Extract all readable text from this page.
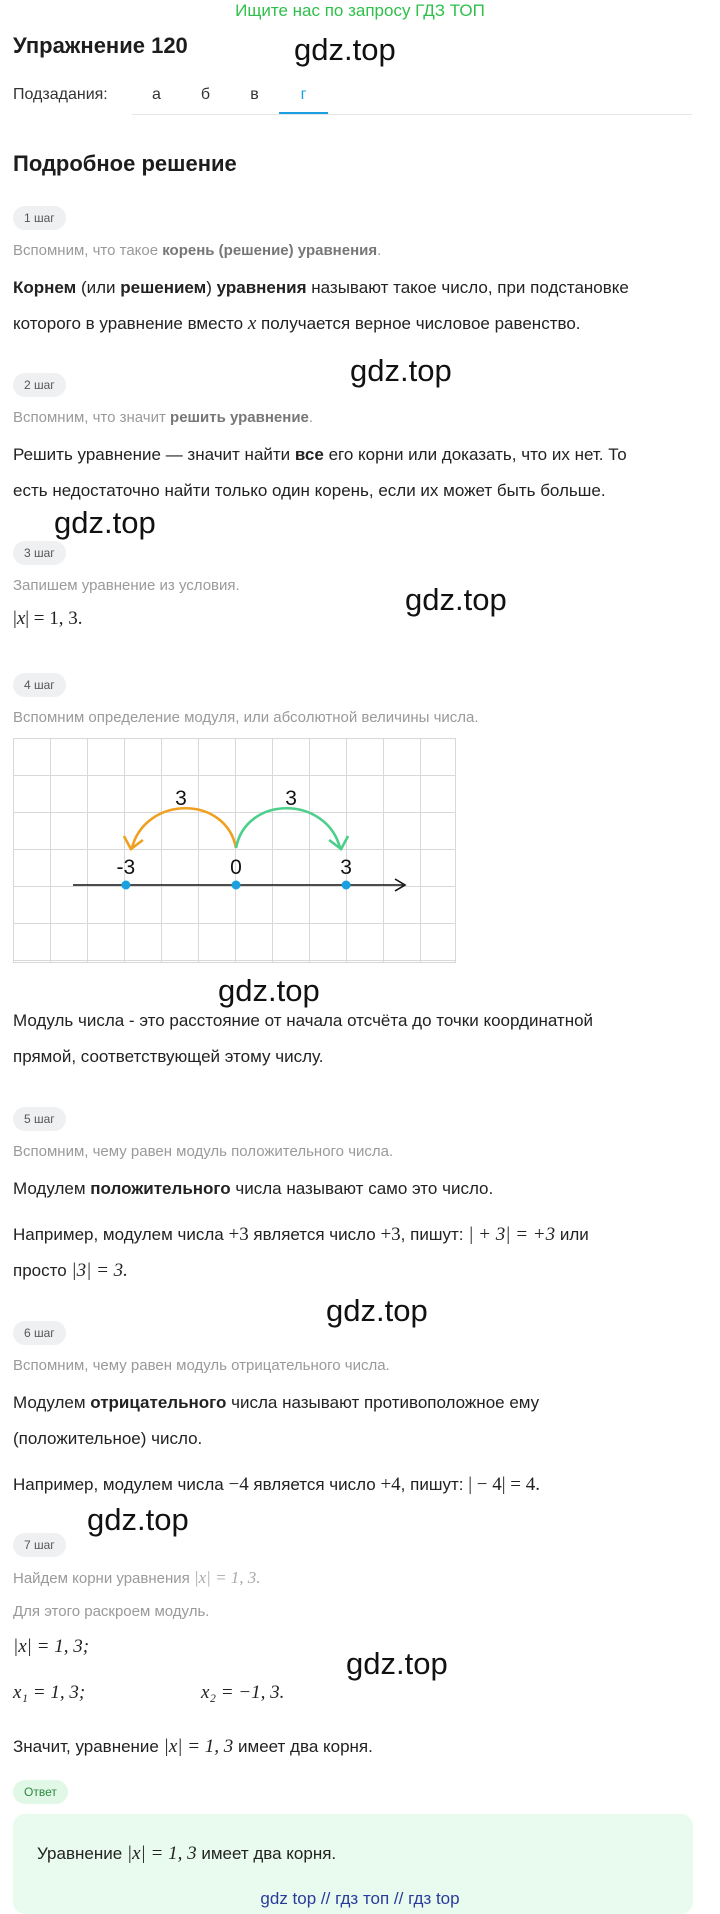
Ищите нас по запросу ГДЗ ТОП
Упражнение 120	gdz.top
Подзадания:	а	б	в	г
Подробное решение
1 шаг
Вспомним, что такое корень (решение) уравнения.
Корнем (или решением) уравнения называют такое число, при подстановке
которого в уравнение вместо x получается верное числовое равенство.
gdz.top
2 шаг
Вспомним, что значит решить уравнение.
Решить уравнение — значит найти все его корни или доказать, что их нет. То
есть недостаточно найти только один корень, если их может быть больше.
gdz.top
3 шаг
Запишем уравнение из условия.	gdz.top
|x| = 1, 3.
4 шаг
Вспомним определение модуля, или абсолютной величины числа.
3	3
-3	0	3
gdz.top
Модуль числа - это расстояние от начала отсчёта до точки координатной
прямой, соответствующей этому числу.
5 шаг
Вспомним, чему равен модуль положительного числа.
Модулем положительного числа называют само это число.
Например, модулем числа +3 является число +3, пишут: | + 3| = +3 или
просто |3| = 3.
gdz.top
6 шаг
Вспомним, чему равен модуль отрицательного числа.
Модулем отрицательного числа называют противоположное ему
(положительное) число.
Например, модулем числа −4 является число +4, пишут: | − 4| = 4.
gdz.top
7 шаг
Найдем корни уравнения |x| = 1, 3.
Для этого раскроем модуль.
|x| = 1, 3;	gdz.top
x₁ = 1, 3;	x₂ = −1, 3.
Значит, уравнение |x| = 1, 3 имеет два корня.
Ответ
Уравнение |x| = 1, 3 имеет два корня.
gdz top // гдз топ // гдз top
